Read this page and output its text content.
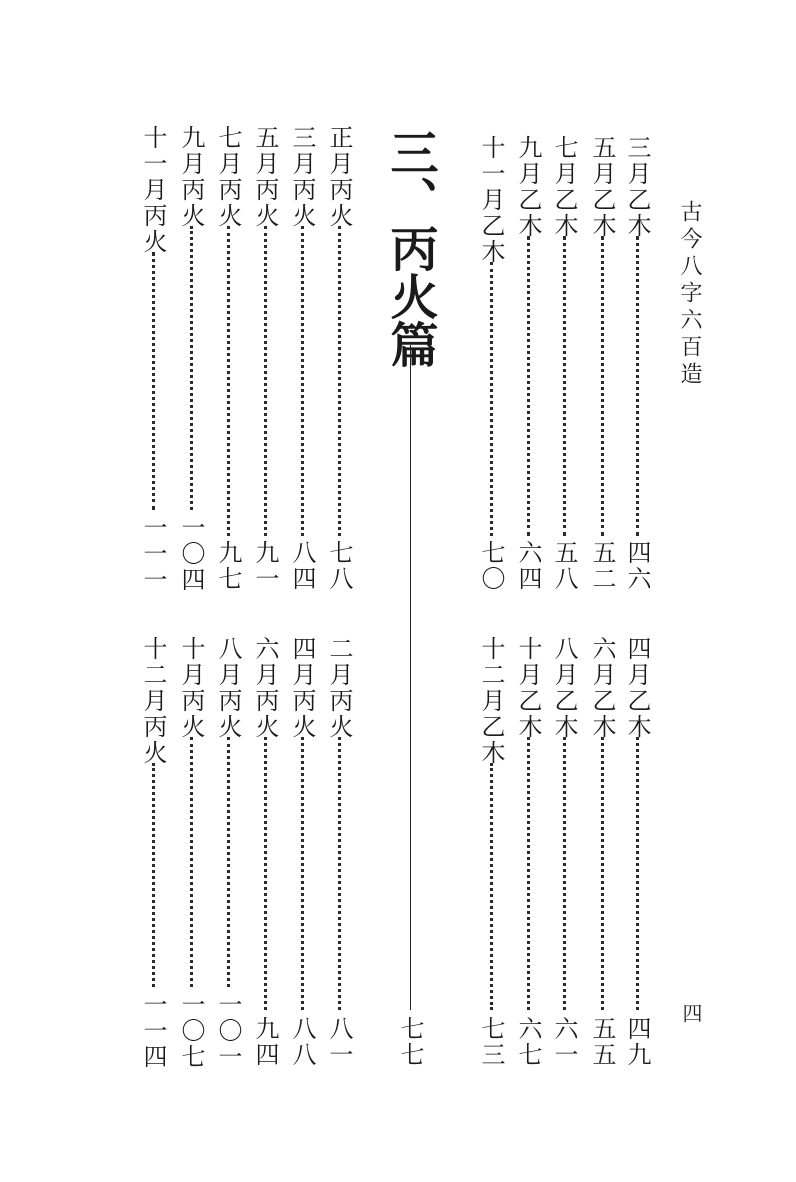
古今八字六百造
四
三月乙木
四六
五月乙木
五二
七月乙木
五八
九月乙木
六四
十一月乙木
七〇
四月乙木
四九
六月乙木
五五
八月乙木
六一
十月乙木
六七
十二月乙木
七三
三、丙火篇
七七
正月丙火
七八
三月丙火
八四
五月丙火
九一
七月丙火
九七
九月丙火
一〇四
十一月丙火
一一一
二月丙火
八一
四月丙火
八八
六月丙火
九四
八月丙火
一〇一
十月丙火
一〇七
十二月丙火
一一四
